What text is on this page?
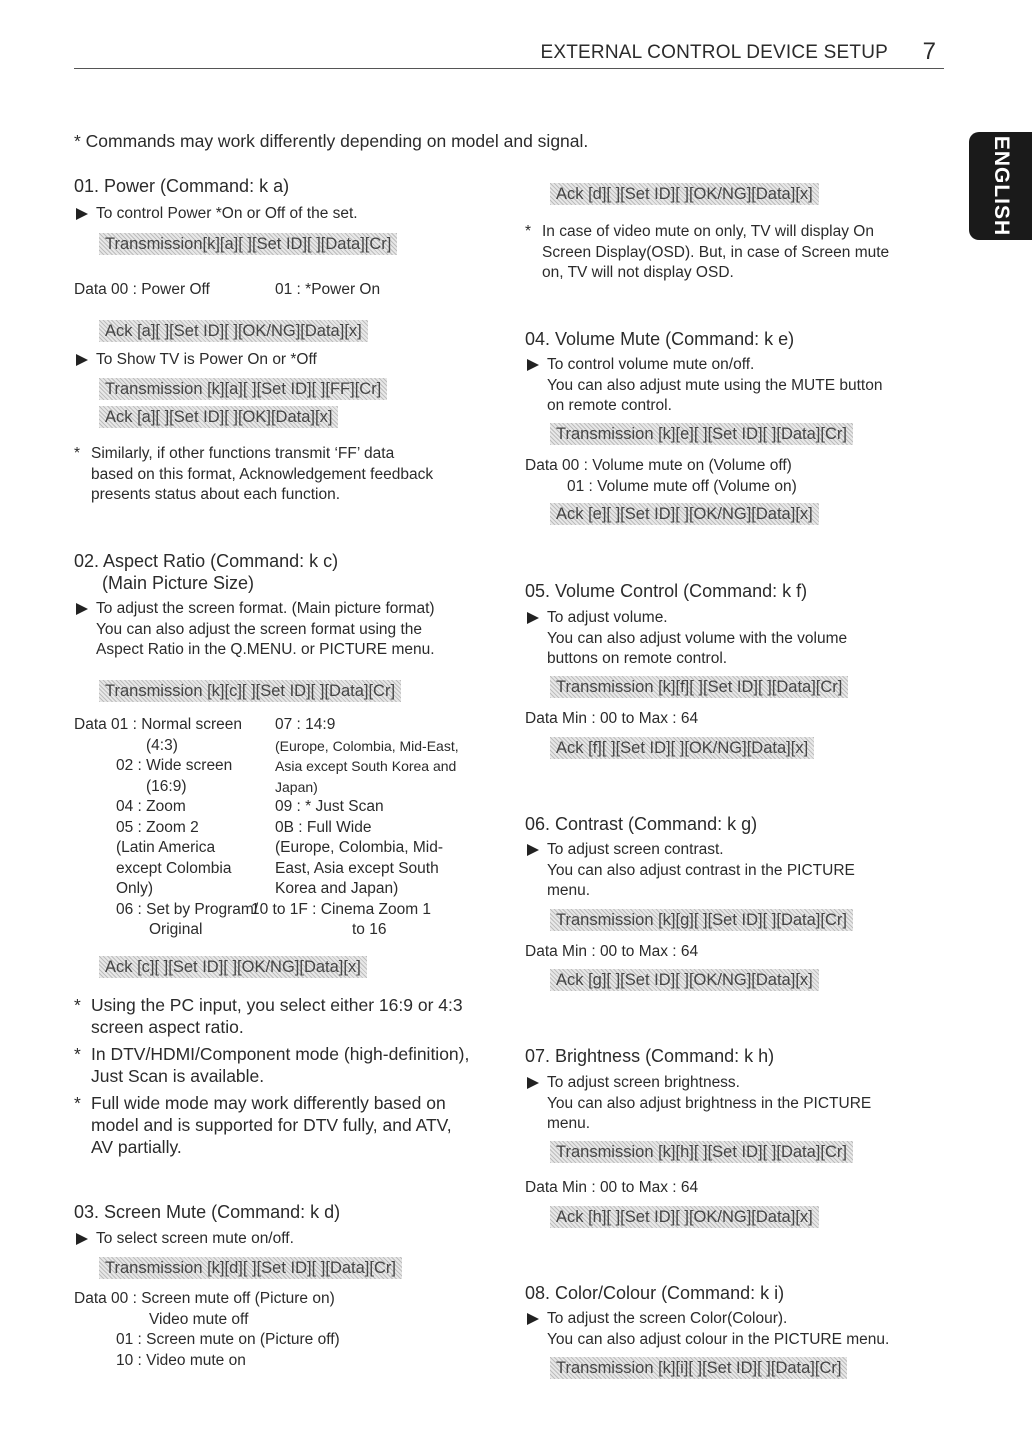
EXTERNAL CONTROL DEVICE SETUP 7
ENGLISH
* Commands may work differently depending on model and signal.
01. Power (Command: k a)
To control Power *On or Off of the set.
Transmission[k][a][ ][Set ID][ ][Data][Cr]
Data 00 : Power Off	01 : *Power On
Ack [a][ ][Set ID][ ][OK/NG][Data][x]
To Show TV is Power On or *Off
Transmission [k][a][ ][Set ID][ ][FF][Cr]
Ack [a][ ][Set ID][ ][OK][Data][x]
* Similarly, if other functions transmit ‘FF’ data
based on this format, Acknowledgement feedback
presents status about each function.
02. Aspect Ratio (Command: k c)
(Main Picture Size)
To adjust the screen format. (Main picture format)
You can also adjust the screen format using the
Aspect Ratio in the Q.MENU. or PICTURE menu.
Transmission [k][c][ ][Set ID][ ][Data][Cr]
Data 01 : Normal screen
(4:3)
02 : Wide screen
(16:9)
04 : Zoom
05 : Zoom 2
(Latin America
except Colombia
Only)
06 : Set by Program/
Original
07 : 14:9
(Europe, Colombia, Mid-East,
Asia except South Korea and
Japan)
09 : * Just Scan
0B : Full Wide
(Europe, Colombia, Mid-
East, Asia except South
Korea and Japan)
10 to 1F : Cinema Zoom 1
to 16
Ack [c][ ][Set ID][ ][OK/NG][Data][x]
* Using the PC input, you select either 16:9 or 4:3
screen aspect ratio.
* In DTV/HDMI/Component mode (high-definition),
Just Scan is available.
* Full wide mode may work differently based on
model and is supported for DTV fully, and ATV,
AV partially.
03. Screen Mute (Command: k d)
To select screen mute on/off.
Transmission [k][d][ ][Set ID][ ][Data][Cr]
Data 00 : Screen mute off (Picture on)
Video mute off
01 : Screen mute on (Picture off)
10 : Video mute on
Ack [d][ ][Set ID][ ][OK/NG][Data][x]
* In case of video mute on only, TV will display On
Screen Display(OSD). But, in case of Screen mute
on, TV will not display OSD.
04. Volume Mute (Command: k e)
To control volume mute on/off.
You can also adjust mute using the MUTE button
on remote control.
Transmission [k][e][ ][Set ID][ ][Data][Cr]
Data 00 : Volume mute on (Volume off)
01 : Volume mute off (Volume on)
Ack [e][ ][Set ID][ ][OK/NG][Data][x]
05. Volume Control (Command: k f)
To adjust volume.
You can also adjust volume with the volume
buttons on remote control.
Transmission [k][f][ ][Set ID][ ][Data][Cr]
Data Min : 00 to Max : 64
Ack [f][ ][Set ID][ ][OK/NG][Data][x]
06. Contrast (Command: k g)
To adjust screen contrast.
You can also adjust contrast in the PICTURE
menu.
Transmission [k][g][ ][Set ID][ ][Data][Cr]
Data Min : 00 to Max : 64
Ack [g][ ][Set ID][ ][OK/NG][Data][x]
07. Brightness (Command: k h)
To adjust screen brightness.
You can also adjust brightness in the PICTURE
menu.
Transmission [k][h][ ][Set ID][ ][Data][Cr]
Data Min : 00 to Max : 64
Ack [h][ ][Set ID][ ][OK/NG][Data][x]
08. Color/Colour (Command: k i)
To adjust the screen Color(Colour).
You can also adjust colour in the PICTURE menu.
Transmission [k][i][ ][Set ID][ ][Data][Cr]
